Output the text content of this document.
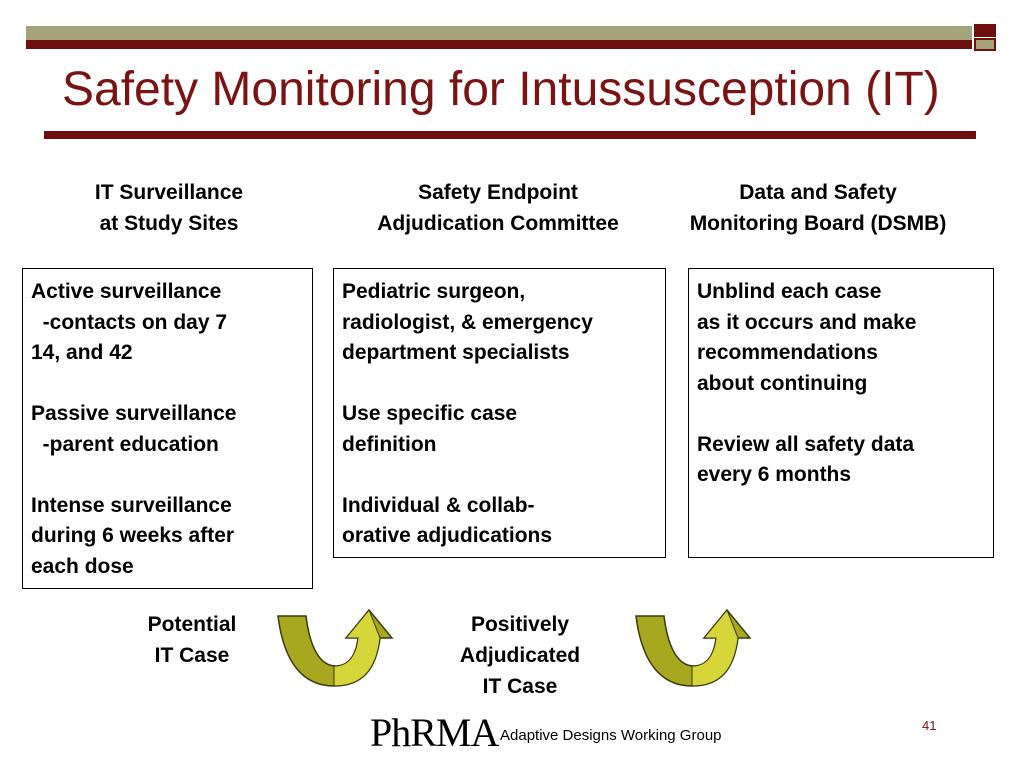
Safety Monitoring for Intussusception (IT)
IT Surveillance
at Study Sites
Safety Endpoint
Adjudication Committee
Data and Safety
Monitoring Board (DSMB)
Active surveillance
-contacts on day 7
14, and 42

Passive surveillance
-parent education

Intense surveillance
during 6 weeks after
each dose
Pediatric surgeon,
radiologist, & emergency
department specialists

Use specific case
definition

Individual & collab-
orative adjudications
Unblind each case
as it occurs and make
recommendations
about continuing

Review all safety data
every 6 months
Potential
IT Case
Positively
Adjudicated
IT Case
PhRMA Adaptive Designs Working Group
41
